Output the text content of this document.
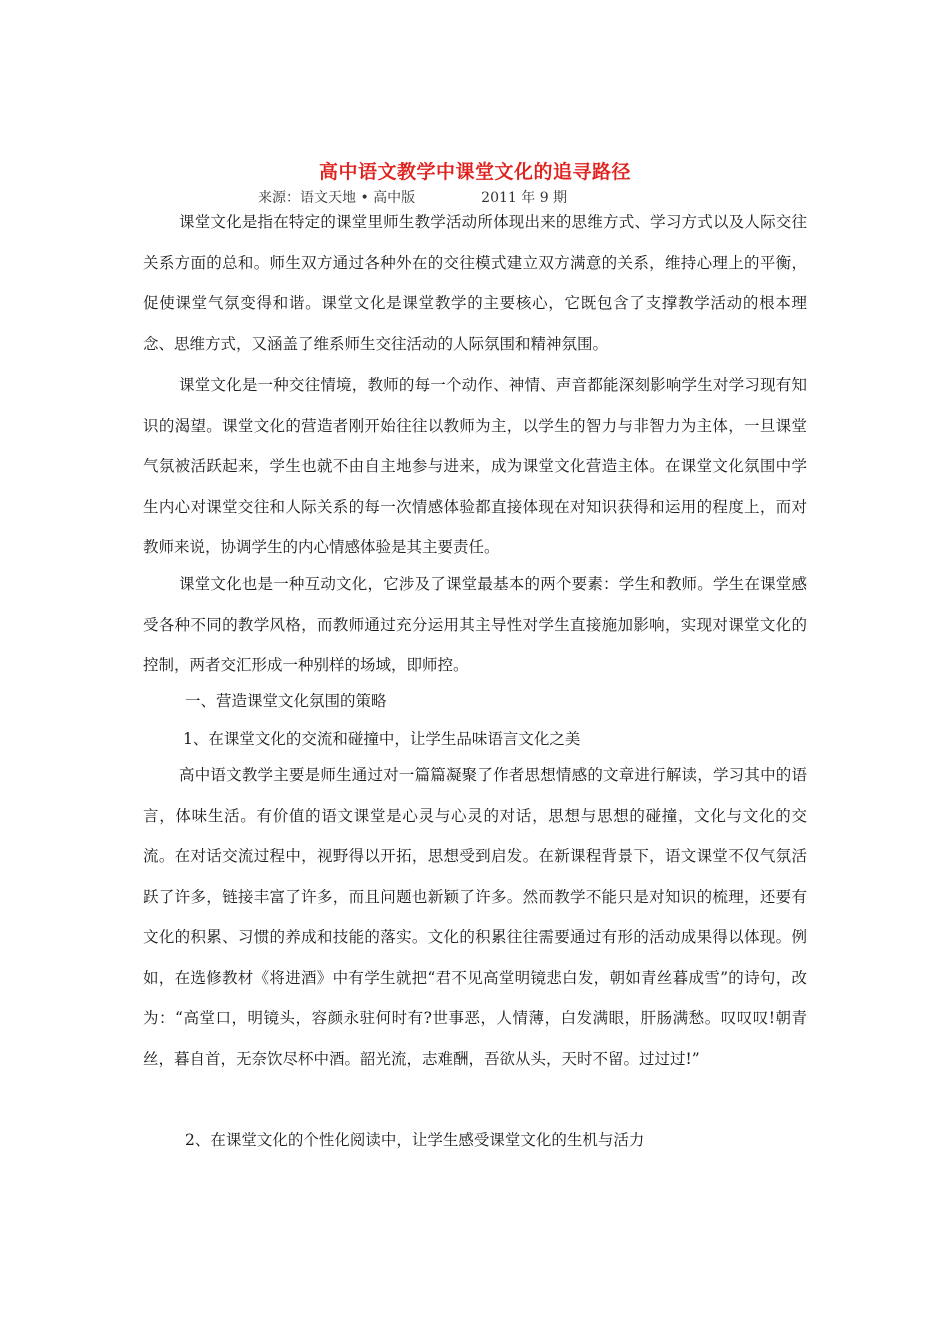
高中语文教学中课堂文化的追寻路径
来源：语文天地 • 高中版	2011 年 9 期

课堂文化是指在特定的课堂里师生教学活动所体现出来的思维方式、学习方式以及人际交往关系方面的总和。师生双方通过各种外在的交往模式建立双方满意的关系，维持心理上的平衡，促使课堂气氛变得和谐。课堂文化是课堂教学的主要核心，它既包含了支撑教学活动的根本理念、思维方式，又涵盖了维系师生交往活动的人际氛围和精神氛围。

课堂文化是一种交往情境，教师的每一个动作、神情、声音都能深刻影响学生对学习现有知识的渴望。课堂文化的营造者刚开始往往以教师为主，以学生的智力与非智力为主体，一旦课堂气氛被活跃起来，学生也就不由自主地参与进来，成为课堂文化营造主体。在课堂文化氛围中学生内心对课堂交往和人际关系的每一次情感体验都直接体现在对知识获得和运用的程度上，而对教师来说，协调学生的内心情感体验是其主要责任。

课堂文化也是一种互动文化，它涉及了课堂最基本的两个要素：学生和教师。学生在课堂感受各种不同的教学风格，而教师通过充分运用其主导性对学生直接施加影响，实现对课堂文化的控制，两者交汇形成一种别样的场域，即师控。

一、营造课堂文化氛围的策略
1、在课堂文化的交流和碰撞中，让学生品味语言文化之美

高中语文教学主要是师生通过对一篇篇凝聚了作者思想情感的文章进行解读，学习其中的语言，体味生活。有价值的语文课堂是心灵与心灵的对话，思想与思想的碰撞，文化与文化的交流。在对话交流过程中，视野得以开拓，思想受到启发。在新课程背景下，语文课堂不仅气氛活跃了许多，链接丰富了许多，而且问题也新颖了许多。然而教学不能只是对知识的梳理，还要有文化的积累、习惯的养成和技能的落实。文化的积累往往需要通过有形的活动成果得以体现。例如，在选修教材《将进酒》中有学生就把“君不见高堂明镜悲白发，朝如青丝暮成雪”的诗句，改为：“高堂口，明镜头，容颜永驻何时有?世事恶，人情薄，白发满眼，肝肠满愁。叹叹叹!朝青丝，暮自首，无奈饮尽杯中酒。韶光流，志难酬，吾欲从头，天时不留。过过过!”

2、在课堂文化的个性化阅读中，让学生感受课堂文化的生机与活力
